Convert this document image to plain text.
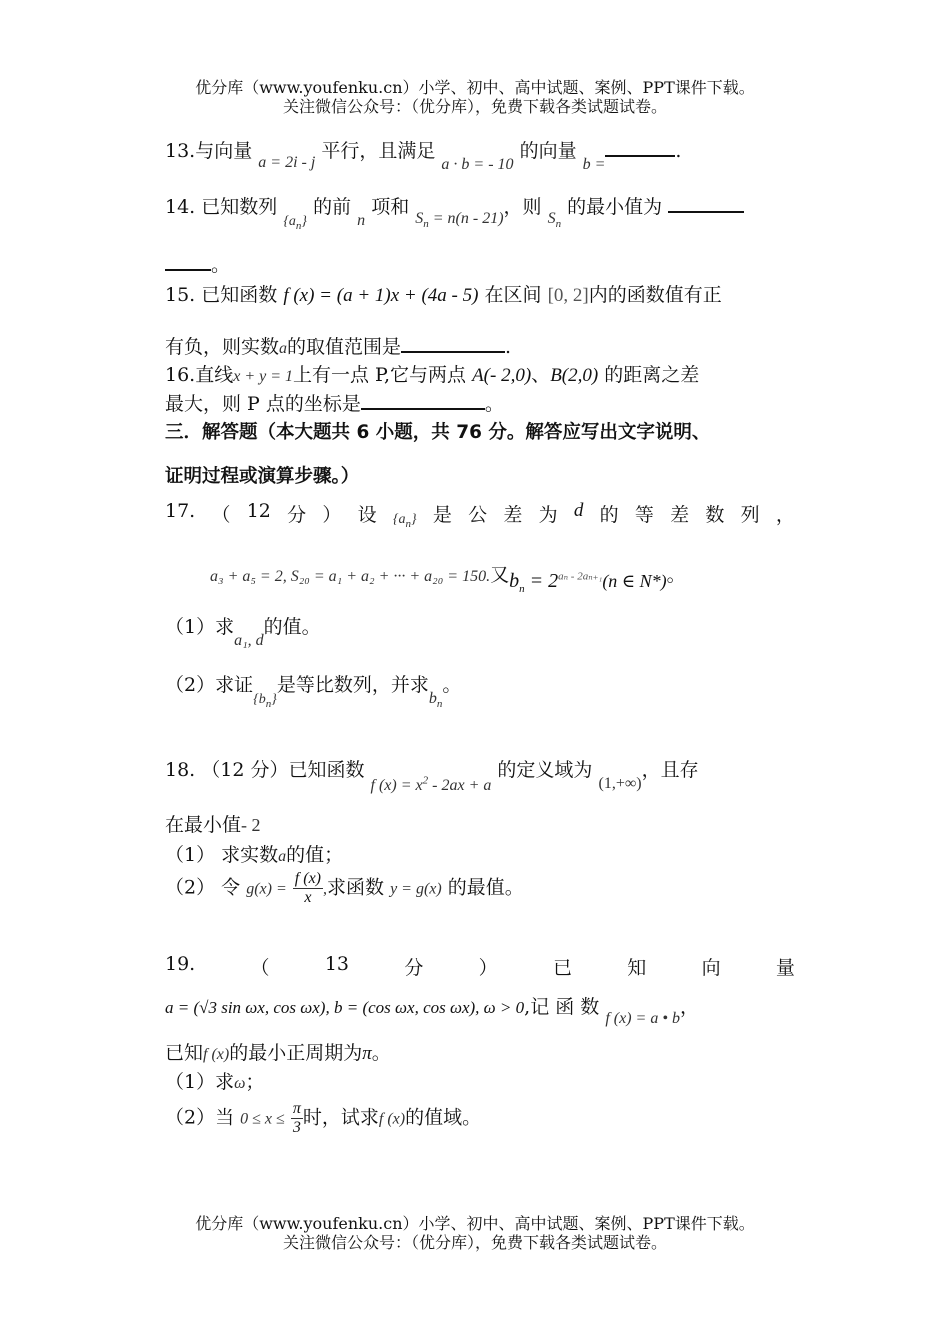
优分库（www.youfenku.cn）小学、初中、高中试题、案例、PPT课件下载。
关注微信公众号：（优分库），免费下载各类试题试卷。
13.与向量 $_{a = 2i - j}$ 平行，且满足 $_{a \cdot b = - 10}$ 的向量 $_{b =}$.
14. 已知数列 $_{\{a_n\}}$ 的前 $_n$ 项和 $_{S_n = n(n - 21)}$，则 $_{S_n}$ 的最小值为
。
15. 已知函数 f (x) = (a + 1)x + (4a - 5) 在区间 [0, 2]内的函数值有正
有负，则实数a的取值范围是	.
16.直线x + y = 1上有一点 P,它与两点 A(- 2,0)、B(2,0) 的距离之差
最大，则 P 点的坐标是	。
三．解答题（本大题共 6 小题，共 76 分。解答应写出文字说明、
证明过程或演算步骤。）
17. （ 12 分 ） 设 $\{a_n\}$ 是 公 差 为 d 的 等 差 数 列 ，
a₃ + a₅ = 2, S₂₀ = a₁ + a₂ + ··· + a₂₀ = 150.又$b_n = 2^{a_n - 2a_{n+1}}(n$ ∈ N*)。
（1）求$_{a_1, d}$的值。
（2）求证$_{\{b_n\}}$是等比数列，并求$_{b_n}$。
18. （12 分）已知函数 $_{f (x) = x^2 - 2ax + a}$ 的定义域为 $_{(1,+\infty)}$，且存
在最小值- 2
（1） 求实数a的值；
（2） 令 $g(x) = \frac{f (x)}{x}$ ,求函数 y = g(x) 的最值。
19.	（	13	分	）	已	知	向	量
a = (√3 sin ωx, cos ωx), b = (cos ωx, cos ωx), ω > 0,记 函 数 $_{f (x) = a • b}$，
已知f (x)的最小正周期为π。
（1）求ω；
（2）当 $0 \le x \le \frac{\pi}{3}$ 时，试求f (x)的值域。
优分库（www.youfenku.cn）小学、初中、高中试题、案例、PPT课件下载。
关注微信公众号：（优分库），免费下载各类试题试卷。
